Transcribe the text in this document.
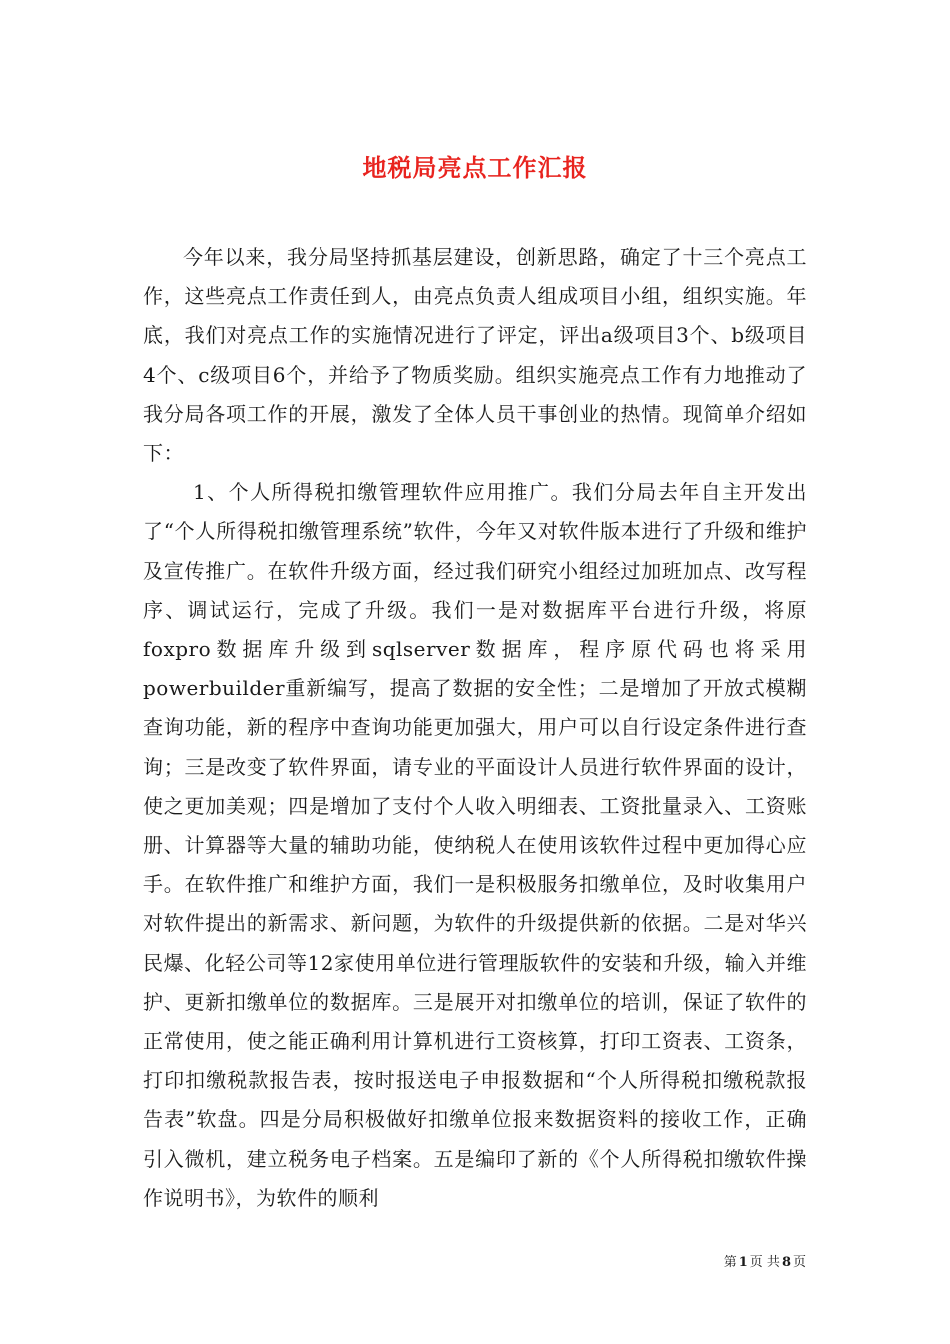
地税局亮点工作汇报

今年以来，我分局坚持抓基层建设，创新思路，确定了十三个亮点工作，这些亮点工作责任到人，由亮点负责人组成项目小组，组织实施。年底，我们对亮点工作的实施情况进行了评定，评出a级项目3个、b级项目4个、c级项目6个，并给予了物质奖励。组织实施亮点工作有力地推动了我分局各项工作的开展，激发了全体人员干事创业的热情。现简单介绍如下：

1、个人所得税扣缴管理软件应用推广。我们分局去年自主开发出了“个人所得税扣缴管理系统”软件，今年又对软件版本进行了升级和维护及宣传推广。在软件升级方面，经过我们研究小组经过加班加点、改写程序、调试运行，完成了升级。我们一是对数据库平台进行升级，将原foxpro数据库升级到sqlserver数据库，程序原代码也将采用powerbuilder重新编写，提高了数据的安全性；二是增加了开放式模糊查询功能，新的程序中查询功能更加强大，用户可以自行设定条件进行查询；三是改变了软件界面，请专业的平面设计人员进行软件界面的设计，使之更加美观；四是增加了支付个人收入明细表、工资批量录入、工资账册、计算器等大量的辅助功能，使纳税人在使用该软件过程中更加得心应手。在软件推广和维护方面，我们一是积极服务扣缴单位，及时收集用户对软件提出的新需求、新问题，为软件的升级提供新的依据。二是对华兴民爆、化轻公司等12家使用单位进行管理版软件的安装和升级，输入并维护、更新扣缴单位的数据库。三是展开对扣缴单位的培训，保证了软件的正常使用，使之能正确利用计算机进行工资核算，打印工资表、工资条，打印扣缴税款报告表，按时报送电子申报数据和“个人所得税扣缴税款报告表”软盘。四是分局积极做好扣缴单位报来数据资料的接收工作，正确引入微机，建立税务电子档案。五是编印了新的《个人所得税扣缴软件操作说明书》，为软件的顺利

第 1 页 共 8 页
